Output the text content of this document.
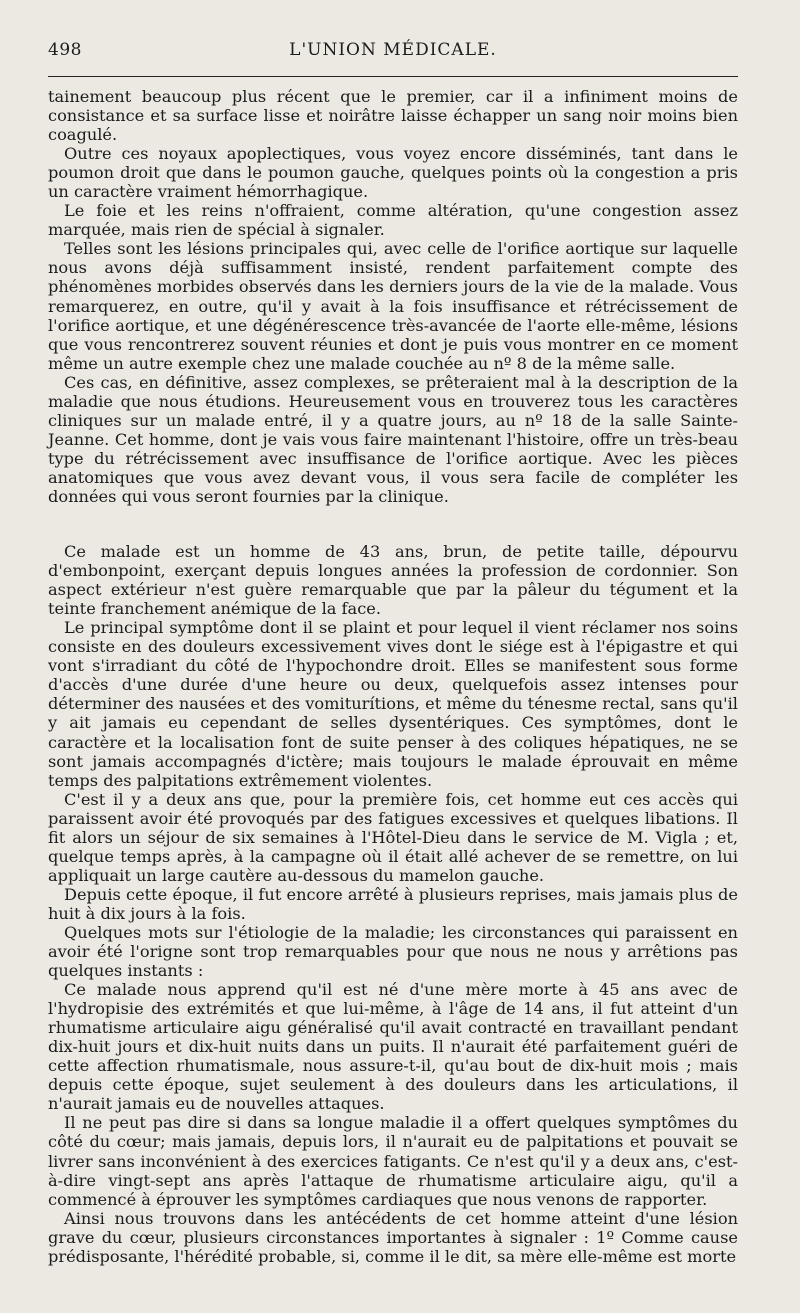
498	L'UNION MÉDICALE.

tainement beaucoup plus récent que le premier, car il a infiniment moins de consistance et sa surface lisse et noirâtre laisse échapper un sang noir moins bien coagulé.

Outre ces noyaux apoplectiques, vous voyez encore disséminés, tant dans le poumon droit que dans le poumon gauche, quelques points où la congestion a pris un caractère vraiment hémorrhagique.

Le foie et les reins n'offraient, comme altération, qu'une congestion assez marquée, mais rien de spécial à signaler.

Telles sont les lésions principales qui, avec celle de l'orifice aortique sur laquelle nous avons déjà suffisamment insisté, rendent parfaitement compte des phénomènes morbides observés dans les derniers jours de la vie de la malade. Vous remarquerez, en outre, qu'il y avait à la fois insuffisance et rétrécissement de l'orifice aortique, et une dégénérescence très-avancée de l'aorte elle-même, lésions que vous rencontrerez souvent réunies et dont je puis vous montrer en ce moment même un autre exemple chez une malade couchée au nº 8 de la même salle.

Ces cas, en définitive, assez complexes, se prêteraient mal à la description de la maladie que nous étudions. Heureusement vous en trouverez tous les caractères cliniques sur un malade entré, il y a quatre jours, au nº 18 de la salle Sainte-Jeanne. Cet homme, dont je vais vous faire maintenant l'histoire, offre un très-beau type du rétrécissement avec insuffisance de l'orifice aortique. Avec les pièces anatomiques que vous avez devant vous, il vous sera facile de compléter les données qui vous seront fournies par la clinique.

Ce malade est un homme de 43 ans, brun, de petite taille, dépourvu d'embonpoint, exerçant depuis longues années la profession de cordonnier. Son aspect extérieur n'est guère remarquable que par la pâleur du tégument et la teinte franchement anémique de la face.

Le principal symptôme dont il se plaint et pour lequel il vient réclamer nos soins consiste en des douleurs excessivement vives dont le siége est à l'épigastre et qui vont s'irradiant du côté de l'hypochondre droit. Elles se manifestent sous forme d'accès d'une durée d'une heure ou deux, quelquefois assez intenses pour déterminer des nausées et des vomiturítions, et même du ténesme rectal, sans qu'il y ait jamais eu cependant de selles dysentériques. Ces symptômes, dont le caractère et la localisation font de suite penser à des coliques hépatiques, ne se sont jamais accompagnés d'ictère; mais toujours le malade éprouvait en même temps des palpitations extrêmement violentes.

C'est il y a deux ans que, pour la première fois, cet homme eut ces accès qui paraissent avoir été provoqués par des fatigues excessives et quelques libations. Il fit alors un séjour de six semaines à l'Hôtel-Dieu dans le service de M. Vigla ; et, quelque temps après, à la campagne où il était allé achever de se remettre, on lui appliquait un large cautère au-dessous du mamelon gauche.

Depuis cette époque, il fut encore arrêté à plusieurs reprises, mais jamais plus de huit à dix jours à la fois.

Quelques mots sur l'étiologie de la maladie; les circonstances qui paraissent en avoir été l'origne sont trop remarquables pour que nous ne nous y arrêtions pas quelques instants :

Ce malade nous apprend qu'il est né d'une mère morte à 45 ans avec de l'hydropisie des extrémités et que lui-même, à l'âge de 14 ans, il fut atteint d'un rhumatisme articulaire aigu généralisé qu'il avait contracté en travaillant pendant dix-huit jours et dix-huit nuits dans un puits. Il n'aurait été parfaitement guéri de cette affection rhumatismale, nous assure-t-il, qu'au bout de dix-huit mois ; mais depuis cette époque, sujet seulement à des douleurs dans les articulations, il n'aurait jamais eu de nouvelles attaques.

Il ne peut pas dire si dans sa longue maladie il a offert quelques symptômes du côté du cœur; mais jamais, depuis lors, il n'aurait eu de palpitations et pouvait se livrer sans inconvénient à des exercices fatigants. Ce n'est qu'il y a deux ans, c'est-à-dire vingt-sept ans après l'attaque de rhumatisme articulaire aigu, qu'il a commencé à éprouver les symptômes cardiaques que nous venons de rapporter.

Ainsi nous trouvons dans les antécédents de cet homme atteint d'une lésion grave du cœur, plusieurs circonstances importantes à signaler : 1º Comme cause prédisposante, l'hérédité probable, si, comme il le dit, sa mère elle-même est morte
